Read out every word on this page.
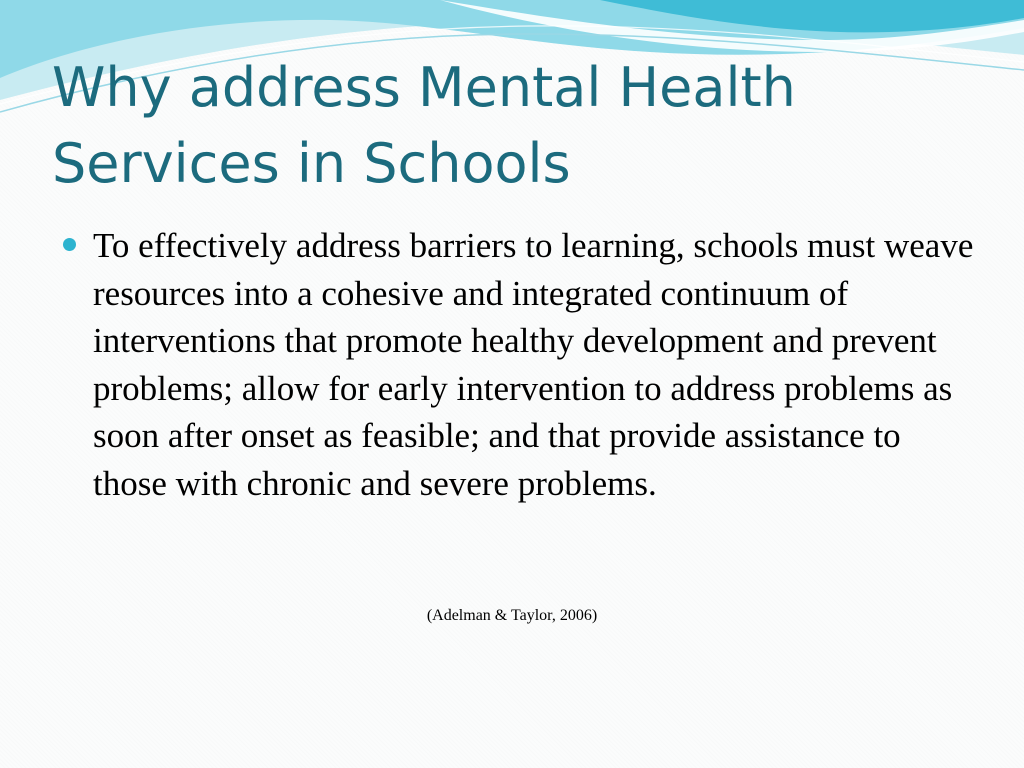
Why address Mental Health Services in Schools
To effectively address barriers to learning, schools must weave resources into a cohesive and integrated continuum of interventions that promote healthy development and prevent problems; allow for early intervention to address problems as soon after onset as feasible; and that provide assistance to those with chronic and severe problems.
(Adelman & Taylor, 2006)
